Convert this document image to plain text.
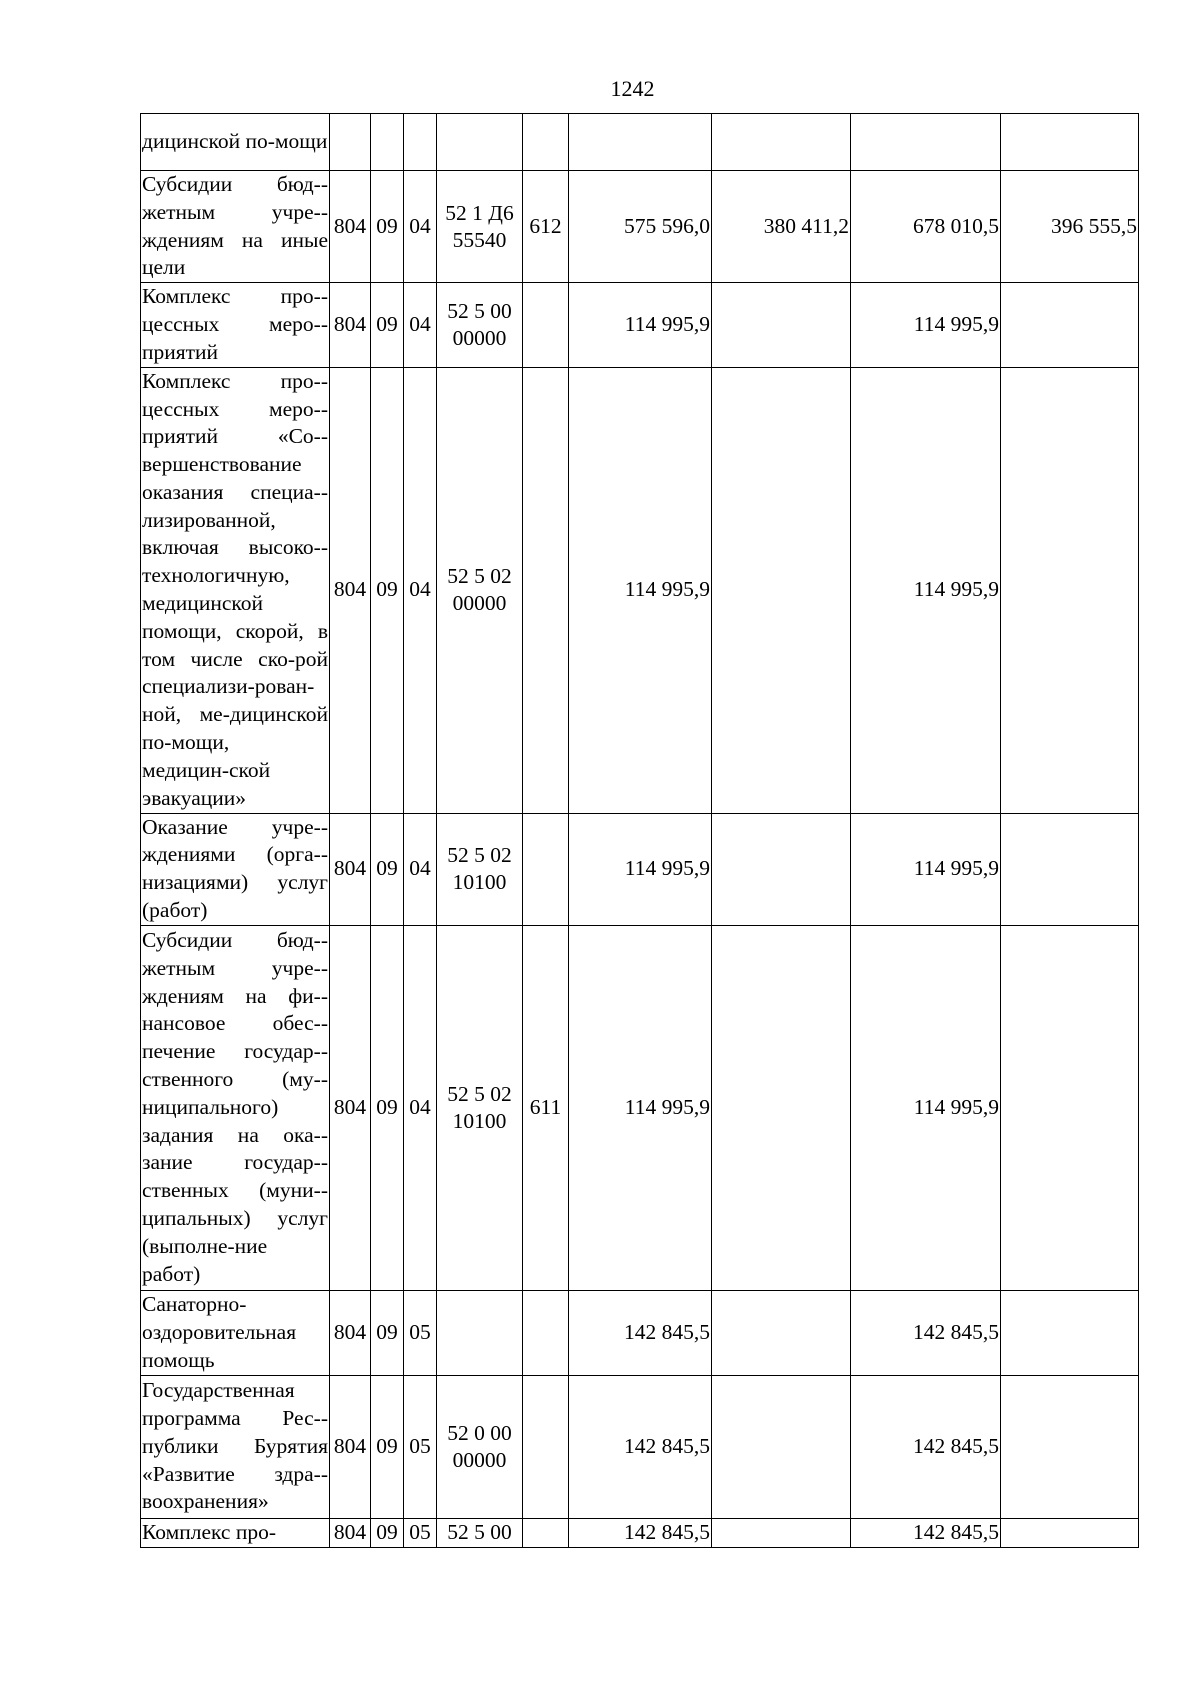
1242
дицинской по-мощи									
Субсидии бюд-жетным учре-ждениям на иные цели	804	09	04	52 1 Д6 55540	612	575 596,0	380 411,2	678 010,5	396 555,5
Комплекс про-цессных меро-приятий	804	09	04	52 5 00 00000		114 995,9		114 995,9	
Комплекс про-цессных меро-приятий «Со-вершенствование оказания специа-лизированной, включая высоко-технологичную, медицинской помощи, скорой, в том числе ско-рой специализи-рован-ной, ме-дицинской по-мощи, медицин-ской эвакуации»	804	09	04	52 5 02 00000		114 995,9		114 995,9	
Оказание учре-ждениями (орга-низациями) услуг (работ)	804	09	04	52 5 02 10100		114 995,9		114 995,9	
Субсидии бюд-жетным учре-ждениям на фи-нансовое обес-печение государ-ственного (му-ниципального) задания на ока-зание государ-ственных (муни-ципальных) услуг (выполне-ние работ)	804	09	04	52 5 02 10100	611	114 995,9		114 995,9	
Санаторно-оздоровительная помощь	804	09	05			142 845,5		142 845,5	
Государственная программа Рес-публики Бурятия «Развитие здра-воохранения»	804	09	05	52 0 00 00000		142 845,5		142 845,5	
Комплекс про-	804	09	05	52 5 00		142 845,5		142 845,5	
